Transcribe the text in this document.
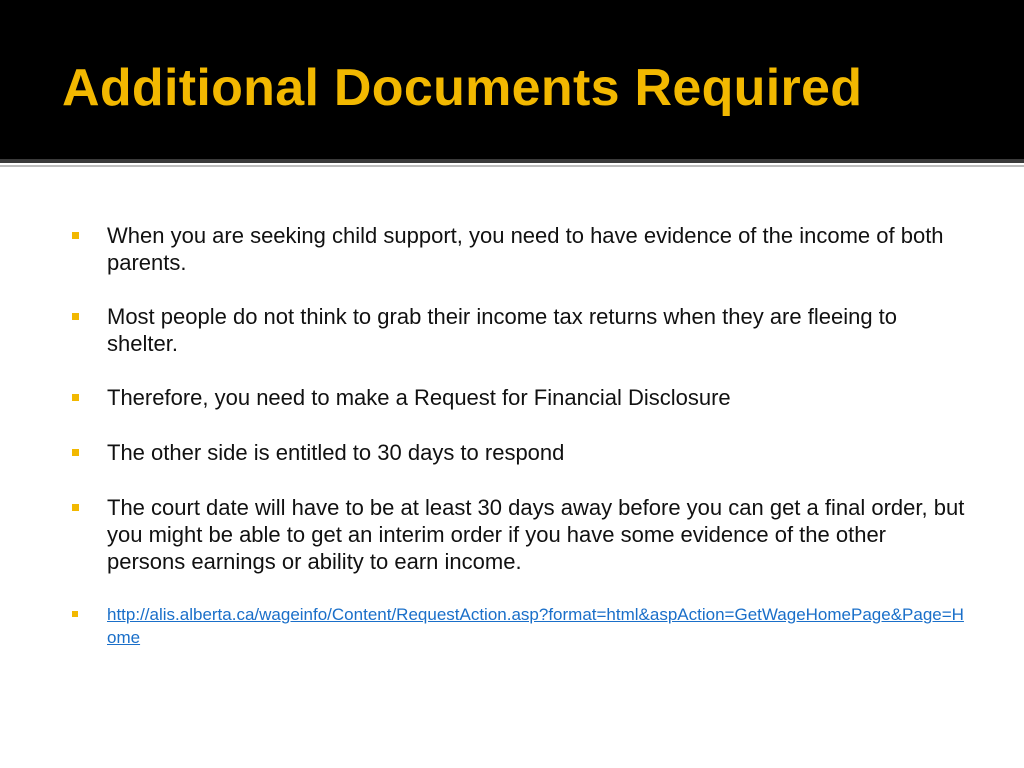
Additional Documents Required
When you are seeking child support, you need to have evidence of the income of both parents.
Most people do not think to grab their income tax returns when they are fleeing to shelter.
Therefore, you need to make a Request for Financial Disclosure
The other side is entitled to 30 days to respond
The court date will have to be at least 30 days away before you can get a final order, but you might be able to get an interim order if you have some evidence of the other persons earnings or ability to earn income.
http://alis.alberta.ca/wageinfo/Content/RequestAction.asp?format=html&aspAction=GetWageHomePage&Page=Home
